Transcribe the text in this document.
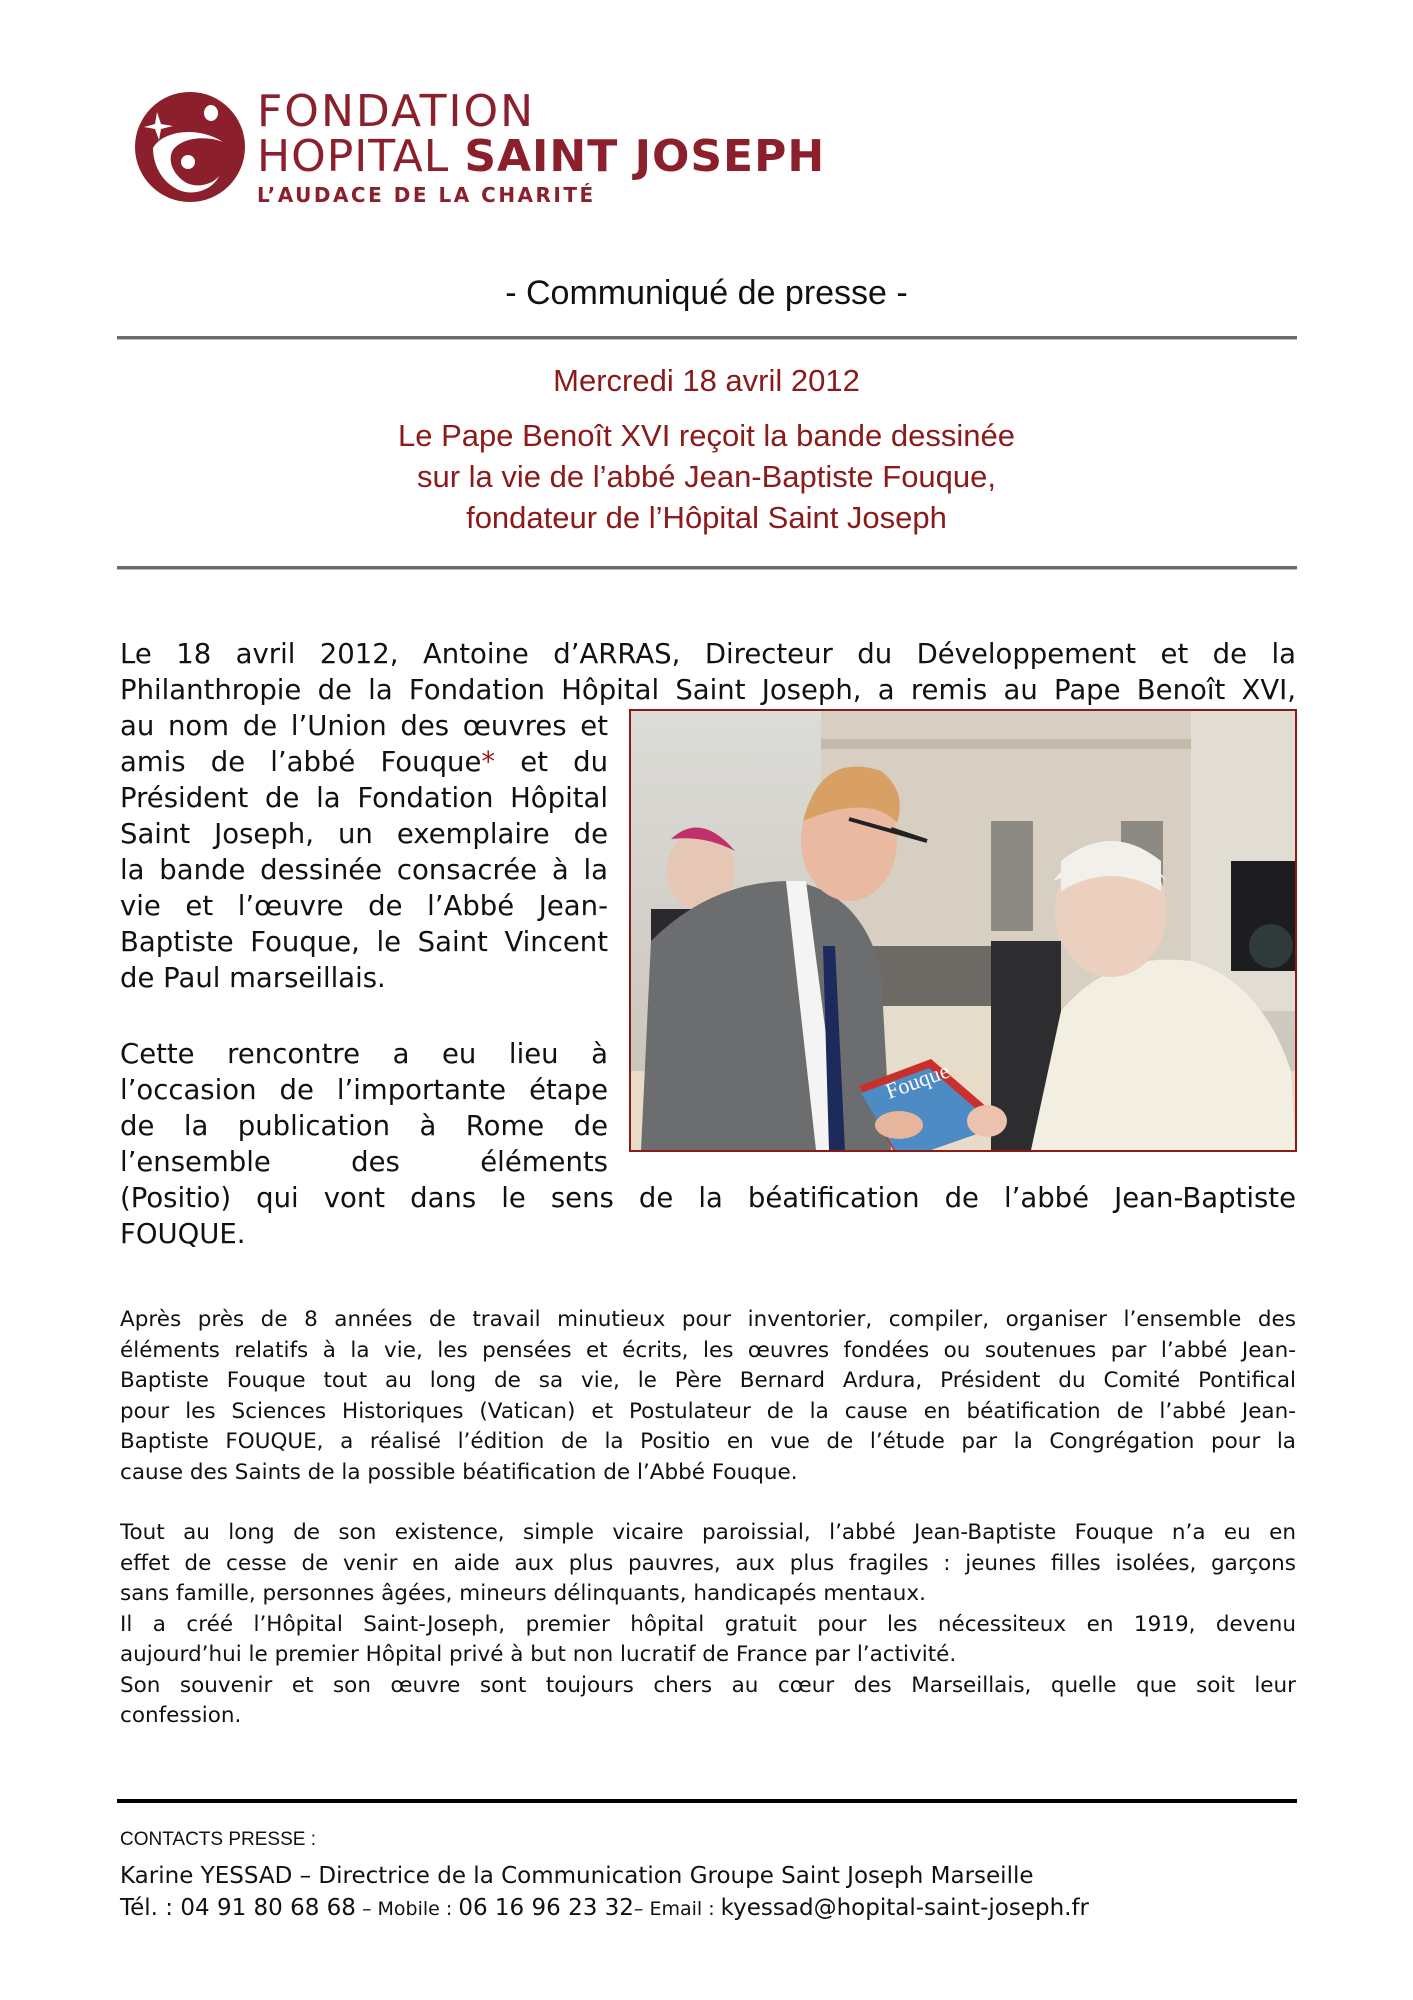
FONDATION
HOPITAL SAINT JOSEPH
L’AUDACE DE LA CHARITÉ
- Communiqué de presse -
Mercredi 18 avril 2012
Le Pape Benoît XVI reçoit la bande dessinée
sur la vie de l’abbé Jean-Baptiste Fouque,
fondateur de l’Hôpital Saint Joseph
Le 18 avril 2012, Antoine d’ARRAS, Directeur du Développement et de la
Philanthropie de la Fondation Hôpital Saint Joseph, a remis au Pape Benoît XVI,
au nom de l’Union des œuvres et
amis de l’abbé Fouque* et du
Président de la Fondation Hôpital
Saint Joseph, un exemplaire de
la bande dessinée consacrée à la
vie et l’œuvre de l’Abbé Jean-
Baptiste Fouque, le Saint Vincent
de Paul marseillais.
Cette rencontre a eu lieu à
l’occasion de l’importante étape
de la publication à Rome de
l’ensemble des éléments
(Positio) qui vont dans le sens de la béatification de l’abbé Jean-Baptiste
FOUQUE.
Fouque
Après près de 8 années de travail minutieux pour inventorier, compiler, organiser l’ensemble des
éléments relatifs à la vie, les pensées et écrits, les œuvres fondées ou soutenues par l’abbé Jean-
Baptiste Fouque tout au long de sa vie, le Père Bernard Ardura, Président du Comité Pontifical
pour les Sciences Historiques (Vatican) et Postulateur de la cause en béatification de l’abbé Jean-
Baptiste FOUQUE, a réalisé l’édition de la Positio en vue de l’étude par la Congrégation pour la
cause des Saints de la possible béatification de l’Abbé Fouque.
Tout au long de son existence, simple vicaire paroissial, l’abbé Jean-Baptiste Fouque n’a eu en
effet de cesse de venir en aide aux plus pauvres, aux plus fragiles : jeunes filles isolées, garçons
sans famille, personnes âgées, mineurs délinquants, handicapés mentaux.
Il a créé l’Hôpital Saint-Joseph, premier hôpital gratuit pour les nécessiteux en 1919, devenu
aujourd’hui le premier Hôpital privé à but non lucratif de France par l’activité.
Son souvenir et son œuvre sont toujours chers au cœur des Marseillais, quelle que soit leur
confession.
CONTACTS PRESSE :
Karine YESSAD – Directrice de la Communication Groupe Saint Joseph Marseille
Tél. : 04 91 80 68 68 – Mobile : 06 16 96 23 32– Email : kyessad@hopital-saint-joseph.fr
